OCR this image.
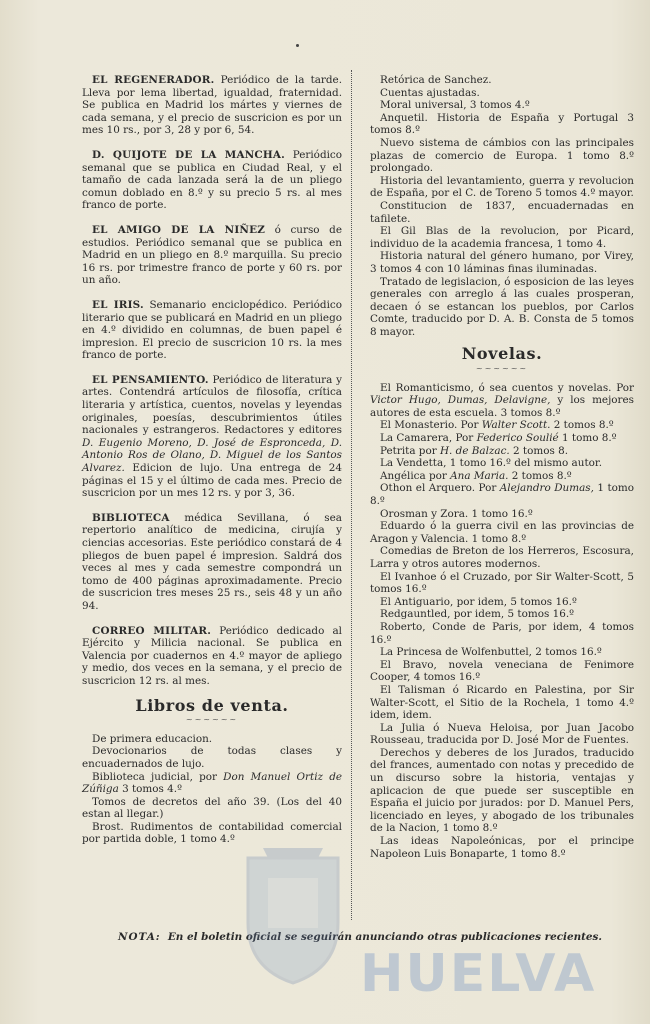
EL REGENERADOR. Periódico de la tarde. Lleva por lema libertad, igualdad, fraternidad. Se publica en Madrid los mártes y viernes de cada semana, y el precio de suscricion es por un mes 10 rs., por 3, 28 y por 6, 54.

D. QUIJOTE DE LA MANCHA. Periódico semanal que se publica en Ciudad Real, y el tamaño de cada lanzada será la de un pliego comun doblado en 8.º y su precio 5 rs. al mes franco de porte.

EL AMIGO DE LA NIÑEZ ó curso de estudios. Periódico semanal que se publica en Madrid en un pliego en 8.º marquilla. Su precio 16 rs. por trimestre franco de porte y 60 rs. por un año.

EL IRIS. Semanario enciclopédico. Periódico literario que se publicará en Madrid en un pliego en 4.º dividido en columnas, de buen papel é impresion. El precio de suscricion 10 rs. la mes franco de porte.

EL PENSAMIENTO. Periódico de literatura y artes. Contendrá artículos de filosofía, crítica literaria y artística, cuentos, novelas y leyendas originales, poesías, descubrimientos útiles nacionales y estrangeros. Redactores y editores D. Eugenio Moreno, D. José de Espronceda, D. Antonio Ros de Olano, D. Miguel de los Santos Alvarez. Edicion de lujo. Una entrega de 24 páginas el 15 y el último de cada mes. Precio de suscricion por un mes 12 rs. y por 3, 36.

BIBLIOTECA médica Sevillana, ó sea repertorio analítico de medicina, cirujía y ciencias accesorias. Este periódico constará de 4 pliegos de buen papel é impresion. Saldrá dos veces al mes y cada semestre compondrá un tomo de 400 páginas aproximadamente. Precio de suscricion tres meses 25 rs., seis 48 y un año 94.

CORREO MILITAR. Periódico dedicado al Ejército y Milicia nacional. Se publica en Valencia por cuadernos en 4.º mayor de apliego y medio, dos veces en la semana, y el precio de suscricion 12 rs. al mes.

Libros de venta.
~~~~~~

De primera educacion.

Devocionarios de todas clases y encuadernados de lujo.

Biblioteca judicial, por Don Manuel Ortiz de Zúñiga 3 tomos 4.º

Tomos de decretos del año 39. (Los del 40 estan al llegar.)

Brost. Rudimentos de contabilidad comercial por partida doble, 1 tomo 4.º

Retórica de Sanchez.

Cuentas ajustadas.

Moral universal, 3 tomos 4.º

Anquetil. Historia de España y Portugal 3 tomos 8.º

Nuevo sistema de cámbios con las principales plazas de comercio de Europa. 1 tomo 8.º prolongado.

Historia del levantamiento, guerra y revolucion de España, por el C. de Toreno 5 tomos 4.º mayor.

Constitucion de 1837, encuadernadas en tafilete.

El Gil Blas de la revolucion, por Picard, individuo de la academia francesa, 1 tomo 4.

Historia natural del género humano, por Virey, 3 tomos 4 con 10 láminas finas iluminadas.

Tratado de legislacion, ó esposicion de las leyes generales con arreglo á las cuales prosperan, decaen ó se estancan los pueblos, por Carlos Comte, traducido por D. A. B. Consta de 5 tomos 8 mayor.

Novelas.
~~~~~~

El Romanticismo, ó sea cuentos y novelas. Por Victor Hugo, Dumas, Delavigne, y los mejores autores de esta escuela. 3 tomos 8.º

El Monasterio. Por Walter Scott. 2 tomos 8.º

La Camarera, Por Federico Soulié 1 tomo 8.º

Petrita por H. de Balzac. 2 tomos 8.

La Vendetta, 1 tomo 16.º del mismo autor.

Angélica por Ana Maria. 2 tomos 8.º

Othon el Arquero. Por Alejandro Dumas, 1 tomo 8.º

Orosman y Zora. 1 tomo 16.º

Eduardo ó la guerra civil en las provincias de Aragon y Valencia. 1 tomo 8.º

Comedias de Breton de los Herreros, Escosura, Larra y otros autores modernos.

El Ivanhoe ó el Cruzado, por Sir Walter-Scott, 5 tomos 16.º

El Antiguario, por idem, 5 tomos 16.º

Redgauntled, por idem, 5 tomos 16.º

Roberto, Conde de Paris, por idem, 4 tomos 16.º

La Princesa de Wolfenbuttel, 2 tomos 16.º

El Bravo, novela veneciana de Fenimore Cooper, 4 tomos 16.º

El Talisman ó Ricardo en Palestina, por Sir Walter-Scott, el Sitio de la Rochela, 1 tomo 4.º idem, idem.

La Julia ó Nueva Heloisa, por Juan Jacobo Rousseau, traducida por D. José Mor de Fuentes.

Derechos y deberes de los Jurados, traducido del frances, aumentado con notas y precedido de un discurso sobre la historia, ventajas y aplicacion de que puede ser susceptible en España el juicio por jurados: por D. Manuel Pers, licenciado en leyes, y abogado de los tribunales de la Nacion, 1 tomo 8.º

Las ideas Napoleónicas, por el principe Napoleon Luis Bonaparte, 1 tomo 8.º

NOTA: En el boletin oficial se seguirán anunciando otras publicaciones recientes.
HUELVA
